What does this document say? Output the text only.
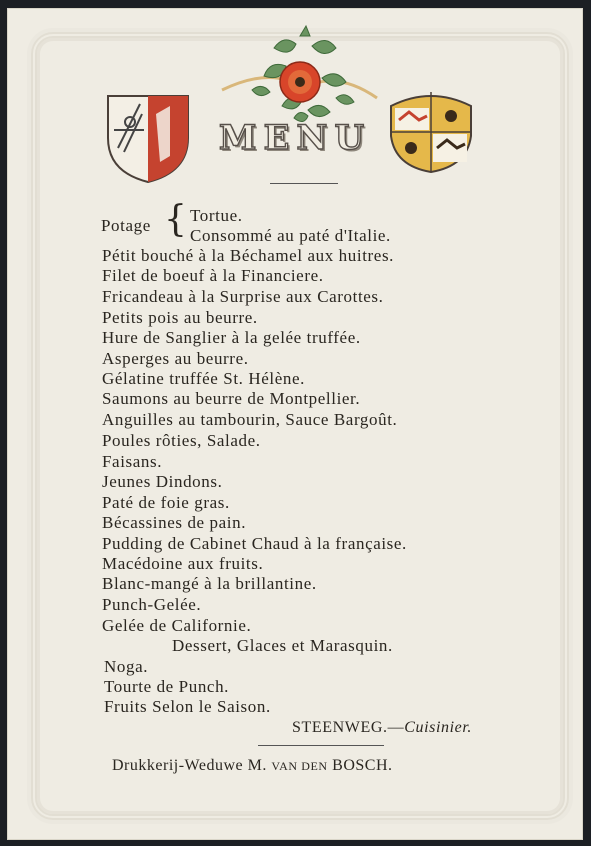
MENU
Potage { Tortue.
Consommé au paté d'Italie.
Pétit bouché à la Béchamel aux huitres.
Filet de boeuf à la Financiere.
Fricandeau à la Surprise aux Carottes.
Petits pois au beurre.
Hure de Sanglier à la gelée truffée.
Asperges au beurre.
Gélatine truffée St. Hélène.
Saumons au beurre de Montpellier.
Anguilles au tambourin, Sauce Bargoût.
Poules rôties, Salade.
Faisans.
Jeunes Dindons.
Paté de foie gras.
Bécassines de pain.
Pudding de Cabinet Chaud à la française.
Macédoine aux fruits.
Blanc-mangé à la brillantine.
Punch-Gelée.
Gelée de Californie.
Dessert, Glaces et Marasquin.
Noga.
Tourte de Punch.
Fruits Selon le Saison.
STEENWEG.—Cuisinier.
Drukkerij-Weduwe M. VAN DEN BOSCH.
